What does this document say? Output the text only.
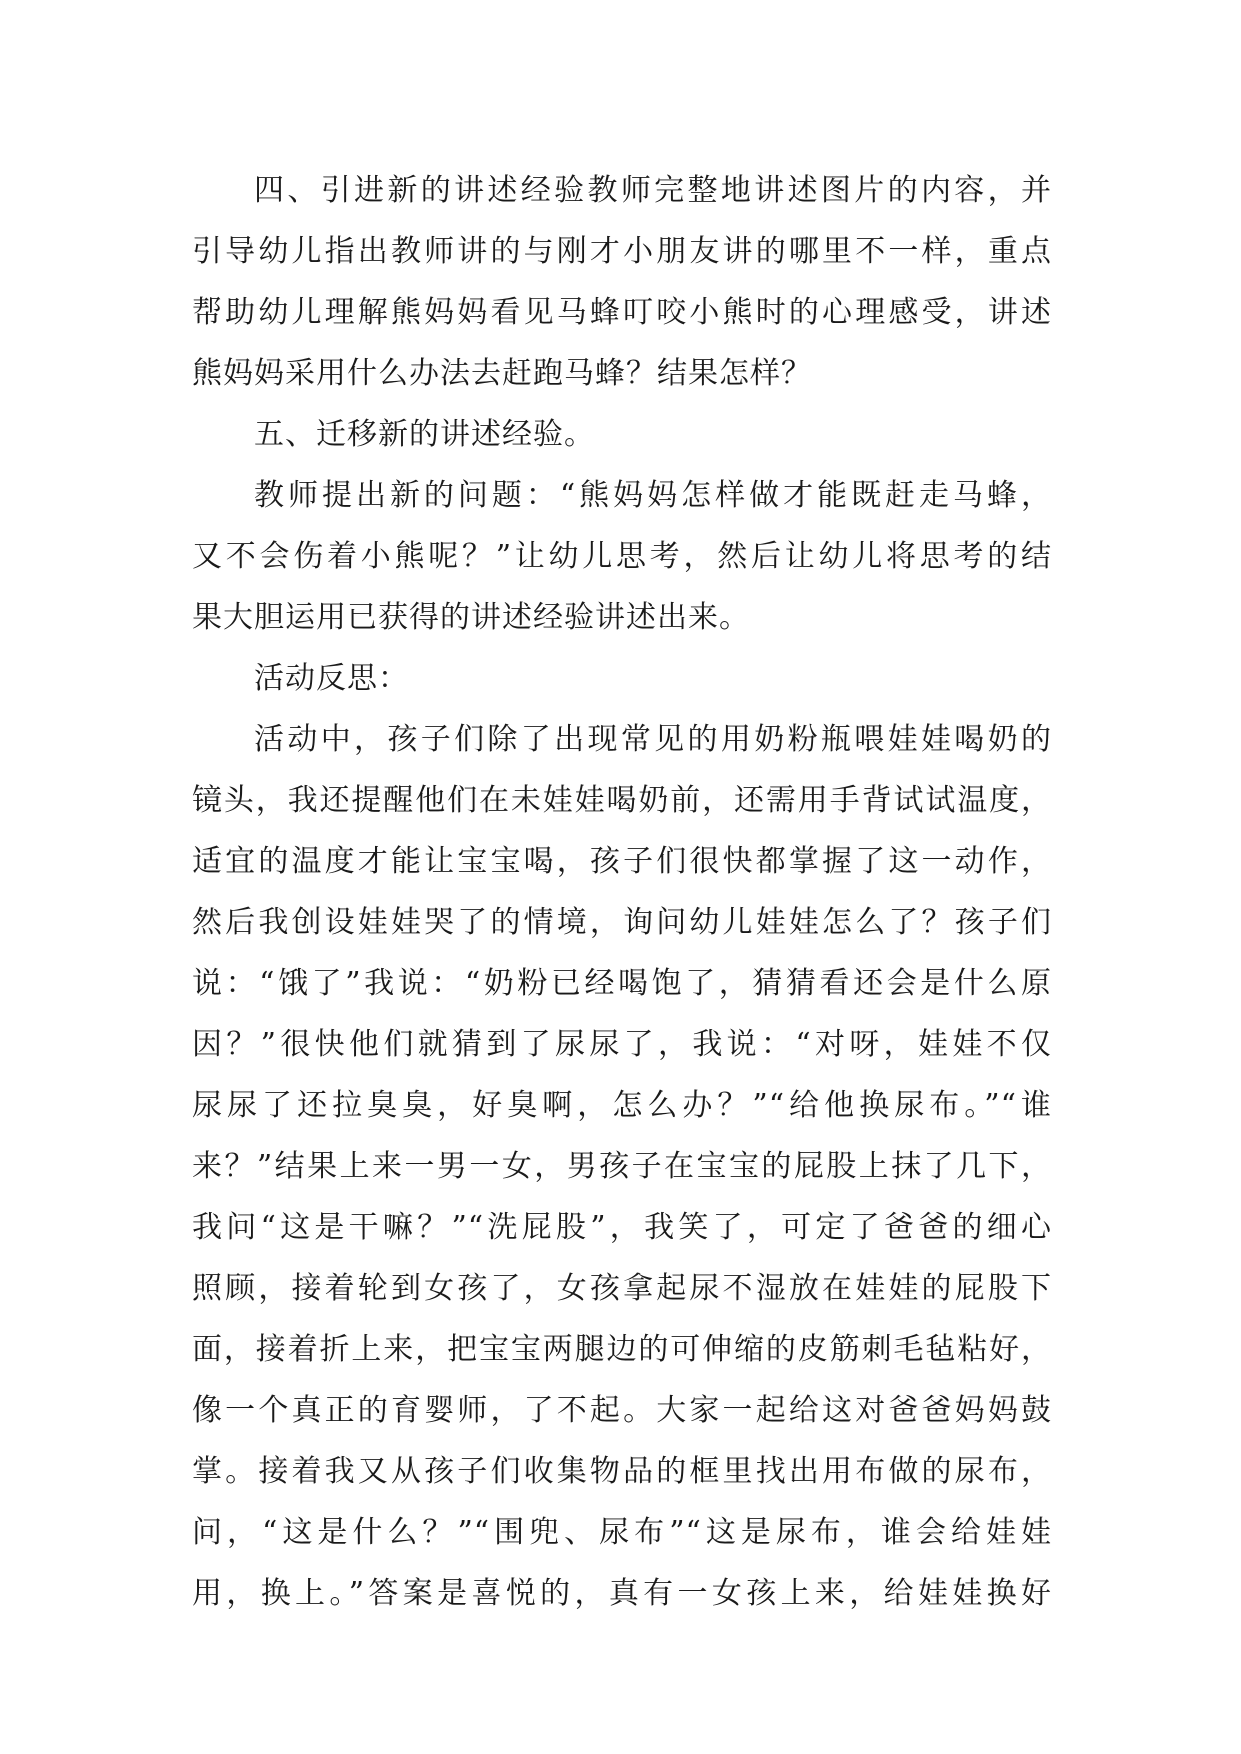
四、引进新的讲述经验教师完整地讲述图片的内容，并
引导幼儿指出教师讲的与刚才小朋友讲的哪里不一样，重点
帮助幼儿理解熊妈妈看见马蜂叮咬小熊时的心理感受，讲述
熊妈妈采用什么办法去赶跑马蜂？结果怎样？
五、迁移新的讲述经验。
教师提出新的问题：“熊妈妈怎样做才能既赶走马蜂，
又不会伤着小熊呢？”让幼儿思考，然后让幼儿将思考的结
果大胆运用已获得的讲述经验讲述出来。
活动反思：
活动中，孩子们除了出现常见的用奶粉瓶喂娃娃喝奶的
镜头，我还提醒他们在未娃娃喝奶前，还需用手背试试温度，
适宜的温度才能让宝宝喝，孩子们很快都掌握了这一动作，
然后我创设娃娃哭了的情境，询问幼儿娃娃怎么了？孩子们
说：“饿了”我说：“奶粉已经喝饱了，猜猜看还会是什么原
因？”很快他们就猜到了尿尿了，我说：“对呀，娃娃不仅
尿尿了还拉臭臭，好臭啊，怎么办？”“给他换尿布。”“谁
来？”结果上来一男一女，男孩子在宝宝的屁股上抹了几下，
我问“这是干嘛？”“洗屁股”，我笑了，可定了爸爸的细心
照顾，接着轮到女孩了，女孩拿起尿不湿放在娃娃的屁股下
面，接着折上来，把宝宝两腿边的可伸缩的皮筋刺毛毡粘好，
像一个真正的育婴师，了不起。大家一起给这对爸爸妈妈鼓
掌。接着我又从孩子们收集物品的框里找出用布做的尿布，
问，“这是什么？”“围兜、尿布”“这是尿布，谁会给娃娃
用，换上。”答案是喜悦的，真有一女孩上来，给娃娃换好
